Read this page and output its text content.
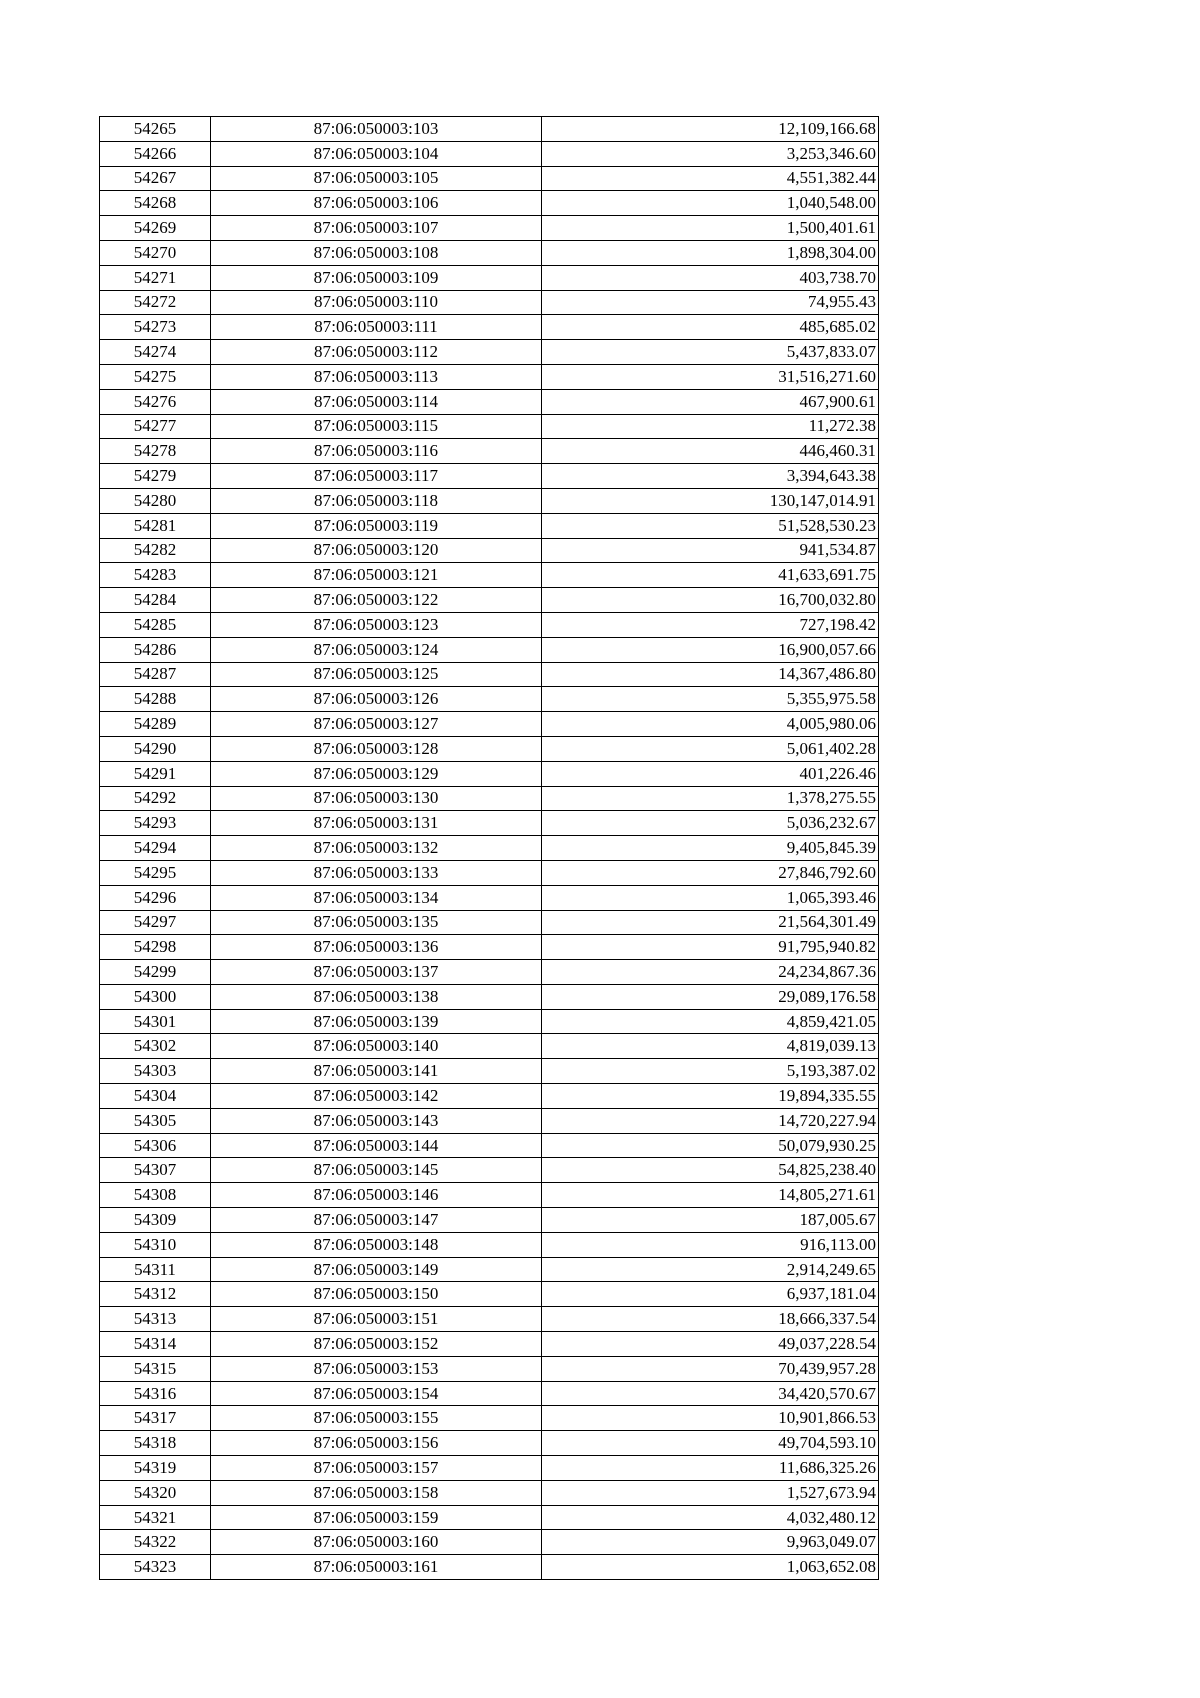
54265	87:06:050003:103	12,109,166.68
54266	87:06:050003:104	3,253,346.60
54267	87:06:050003:105	4,551,382.44
54268	87:06:050003:106	1,040,548.00
54269	87:06:050003:107	1,500,401.61
54270	87:06:050003:108	1,898,304.00
54271	87:06:050003:109	403,738.70
54272	87:06:050003:110	74,955.43
54273	87:06:050003:111	485,685.02
54274	87:06:050003:112	5,437,833.07
54275	87:06:050003:113	31,516,271.60
54276	87:06:050003:114	467,900.61
54277	87:06:050003:115	11,272.38
54278	87:06:050003:116	446,460.31
54279	87:06:050003:117	3,394,643.38
54280	87:06:050003:118	130,147,014.91
54281	87:06:050003:119	51,528,530.23
54282	87:06:050003:120	941,534.87
54283	87:06:050003:121	41,633,691.75
54284	87:06:050003:122	16,700,032.80
54285	87:06:050003:123	727,198.42
54286	87:06:050003:124	16,900,057.66
54287	87:06:050003:125	14,367,486.80
54288	87:06:050003:126	5,355,975.58
54289	87:06:050003:127	4,005,980.06
54290	87:06:050003:128	5,061,402.28
54291	87:06:050003:129	401,226.46
54292	87:06:050003:130	1,378,275.55
54293	87:06:050003:131	5,036,232.67
54294	87:06:050003:132	9,405,845.39
54295	87:06:050003:133	27,846,792.60
54296	87:06:050003:134	1,065,393.46
54297	87:06:050003:135	21,564,301.49
54298	87:06:050003:136	91,795,940.82
54299	87:06:050003:137	24,234,867.36
54300	87:06:050003:138	29,089,176.58
54301	87:06:050003:139	4,859,421.05
54302	87:06:050003:140	4,819,039.13
54303	87:06:050003:141	5,193,387.02
54304	87:06:050003:142	19,894,335.55
54305	87:06:050003:143	14,720,227.94
54306	87:06:050003:144	50,079,930.25
54307	87:06:050003:145	54,825,238.40
54308	87:06:050003:146	14,805,271.61
54309	87:06:050003:147	187,005.67
54310	87:06:050003:148	916,113.00
54311	87:06:050003:149	2,914,249.65
54312	87:06:050003:150	6,937,181.04
54313	87:06:050003:151	18,666,337.54
54314	87:06:050003:152	49,037,228.54
54315	87:06:050003:153	70,439,957.28
54316	87:06:050003:154	34,420,570.67
54317	87:06:050003:155	10,901,866.53
54318	87:06:050003:156	49,704,593.10
54319	87:06:050003:157	11,686,325.26
54320	87:06:050003:158	1,527,673.94
54321	87:06:050003:159	4,032,480.12
54322	87:06:050003:160	9,963,049.07
54323	87:06:050003:161	1,063,652.08
